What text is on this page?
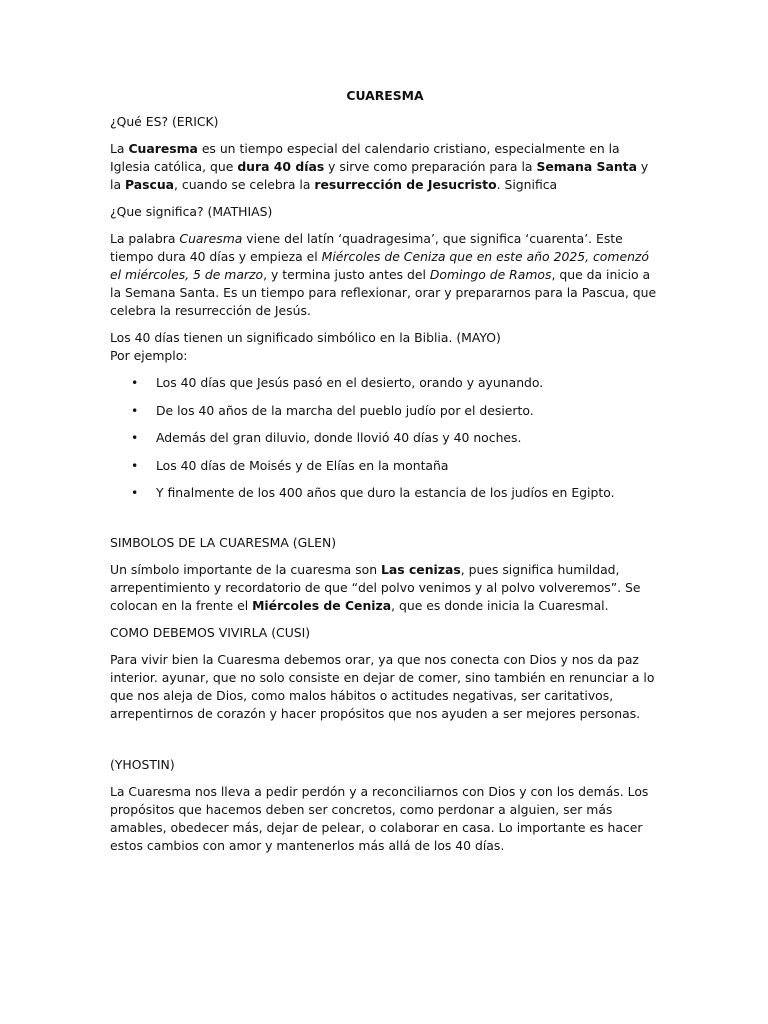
CUARESMA
¿Qué ES? (ERICK)

La Cuaresma es un tiempo especial del calendario cristiano, especialmente en la Iglesia católica, que dura 40 días y sirve como preparación para la Semana Santa y la Pascua, cuando se celebra la resurrección de Jesucristo. Significa

¿Que significa? (MATHIAS)

La palabra Cuaresma viene del latín ‘quadragesima’, que significa ‘cuarenta’. Este tiempo dura 40 días y empieza el Miércoles de Ceniza que en este año 2025, comenzó el miércoles, 5 de marzo, y termina justo antes del Domingo de Ramos, que da inicio a la Semana Santa. Es un tiempo para reflexionar, orar y prepararnos para la Pascua, que celebra la resurrección de Jesús.

Los 40 días tienen un significado simbólico en la Biblia. (MAYO)
Por ejemplo:

• Los 40 días que Jesús pasó en el desierto, orando y ayunando.
• De los 40 años de la marcha del pueblo judío por el desierto.
• Además del gran diluvio, donde llovió 40 días y 40 noches.
• Los 40 días de Moisés y de Elías en la montaña
• Y finalmente de los 400 años que duro la estancia de los judíos en Egipto.
SIMBOLOS DE LA CUARESMA (GLEN)

Un símbolo importante de la cuaresma son Las cenizas, pues significa humildad, arrepentimiento y recordatorio de que “del polvo venimos y al polvo volveremos”. Se colocan en la frente el Miércoles de Ceniza, que es donde inicia la Cuaresmal.

COMO DEBEMOS VIVIRLA (CUSI)

Para vivir bien la Cuaresma debemos orar, ya que nos conecta con Dios y nos da paz interior. ayunar, que no solo consiste en dejar de comer, sino también en renunciar a lo que nos aleja de Dios, como malos hábitos o actitudes negativas, ser caritativos, arrepentirnos de corazón y hacer propósitos que nos ayuden a ser mejores personas.

(YHOSTIN)

La Cuaresma nos lleva a pedir perdón y a reconciliarnos con Dios y con los demás. Los propósitos que hacemos deben ser concretos, como perdonar a alguien, ser más amables, obedecer más, dejar de pelear, o colaborar en casa. Lo importante es hacer estos cambios con amor y mantenerlos más allá de los 40 días.
